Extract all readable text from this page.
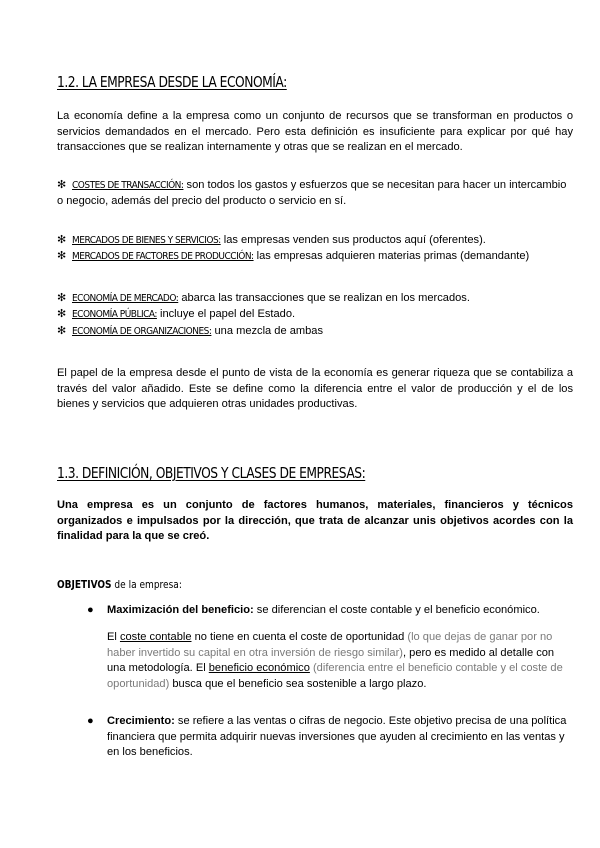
1.2. LA EMPRESA DESDE LA ECONOMÍA:
La economía define a la empresa como un conjunto de recursos que se transforman en productos o servicios demandados en el mercado. Pero esta definición es insuficiente para explicar por qué hay transacciones que se realizan internamente y otras que se realizan en el mercado.
✻ COSTES DE TRANSACCIÓN: son todos los gastos y esfuerzos que se necesitan para hacer un intercambio o negocio, además del precio del producto o servicio en sí.
✻ MERCADOS DE BIENES Y SERVICIOS: las empresas venden sus productos aquí (oferentes).
✻ MERCADOS DE FACTORES DE PRODUCCIÓN: las empresas adquieren materias primas (demandante)
✻ ECONOMÍA DE MERCADO: abarca las transacciones que se realizan en los mercados.
✻ ECONOMÍA PÚBLICA: incluye el papel del Estado.
✻ ECONOMÍA DE ORGANIZACIONES: una mezcla de ambas
El papel de la empresa desde el punto de vista de la economía es generar riqueza que se contabiliza a través del valor añadido. Este se define como la diferencia entre el valor de producción y el de los bienes y servicios que adquieren otras unidades productivas.
1.3. DEFINICIÓN, OBJETIVOS Y CLASES DE EMPRESAS:
Una empresa es un conjunto de factores humanos, materiales, financieros y técnicos organizados e impulsados por la dirección, que trata de alcanzar unis objetivos acordes con la finalidad para la que se creó.
OBJETIVOS de la empresa:
● Maximización del beneficio: se diferencian el coste contable y el beneficio económico.
El coste contable no tiene en cuenta el coste de oportunidad (lo que dejas de ganar por no haber invertido su capital en otra inversión de riesgo similar), pero es medido al detalle con una metodología. El beneficio económico (diferencia entre el beneficio contable y el coste de oportunidad) busca que el beneficio sea sostenible a largo plazo.
● Crecimiento: se refiere a las ventas o cifras de negocio. Este objetivo precisa de una política financiera que permita adquirir nuevas inversiones que ayuden al crecimiento en las ventas y en los beneficios.
